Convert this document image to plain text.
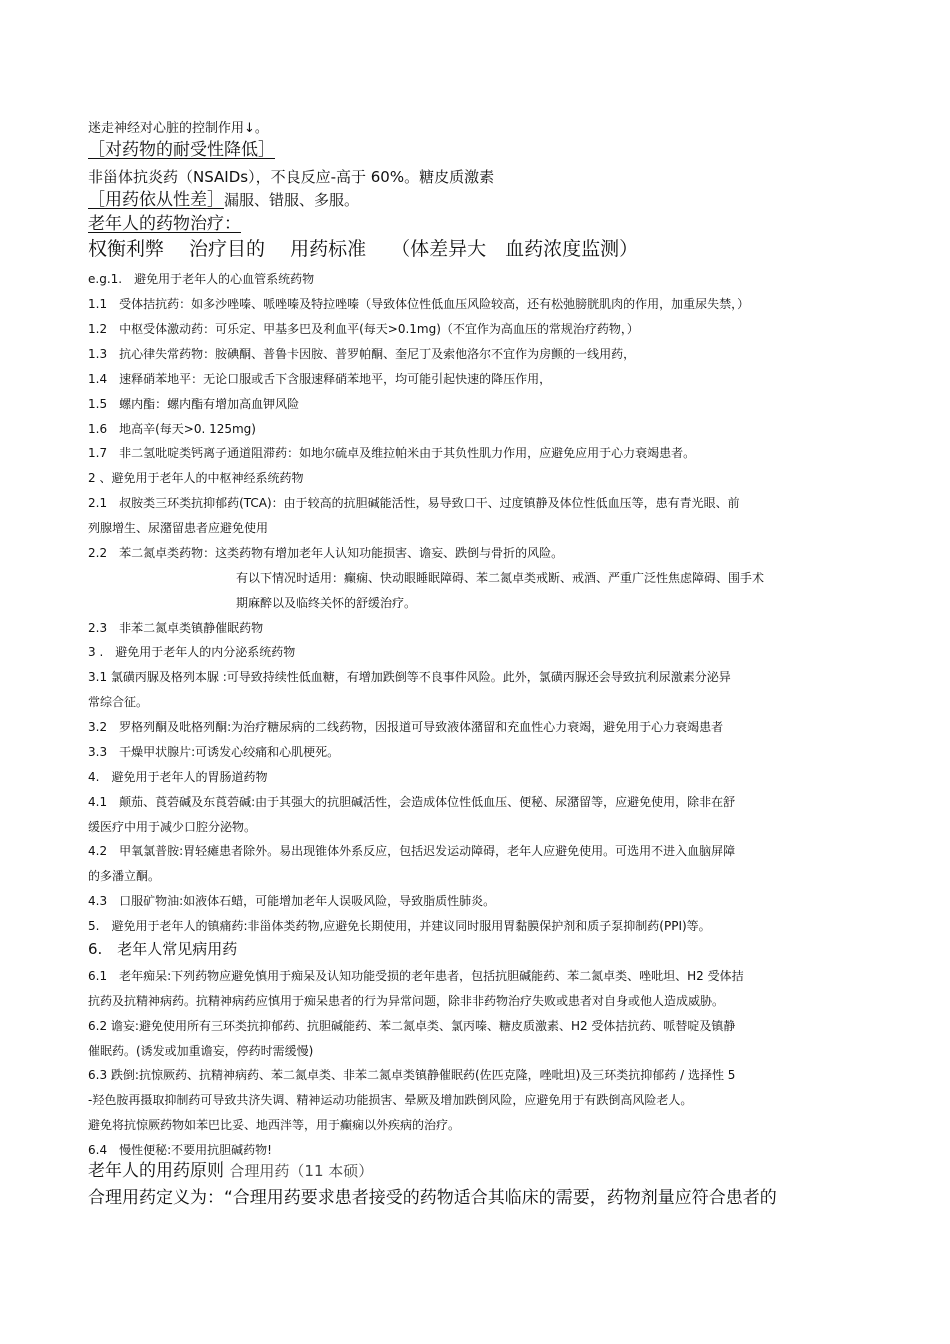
迷走神经对心脏的控制作用↓。
［对药物的耐受性降低］
非甾体抗炎药（NSAIDs），不良反应-高于 60%。糖皮质激素
［用药依从性差］漏服、错服、多服。
老年人的药物治疗：
权衡利弊　 治疗目的　 用药标准　 （体差异大　血药浓度监测）
e.g.1.　避免用于老年人的心血管系统药物
1.1　受体拮抗药：如多沙唑嗪、哌唑嗪及特拉唑嗪（导致体位性低血压风险较高，还有松弛膀胱肌肉的作用，加重尿失禁，）
1.2　中枢受体激动药：可乐定、甲基多巴及利血平(每天>0.1mg)（不宜作为高血压的常规治疗药物，）
1.3　抗心律失常药物：胺碘酮、普鲁卡因胺、普罗帕酮、奎尼丁及索他洛尔不宜作为房颤的一线用药，
1.4　速释硝苯地平：无论口服或舌下含服速释硝苯地平，均可能引起快速的降压作用，
1.5　螺内酯：螺内酯有增加高血钾风险
1.6　地高辛(每天>0. 125mg)
1.7　非二氢吡啶类钙离子通道阻滞药：如地尔硫卓及维拉帕米由于其负性肌力作用，应避免应用于心力衰竭患者。
2 、避免用于老年人的中枢神经系统药物
2.1　叔胺类三环类抗抑郁药(TCA)：由于较高的抗胆碱能活性，易导致口干、过度镇静及体位性低血压等，患有青光眼、前
列腺增生、尿潴留患者应避免使用
2.2　苯二氮卓类药物：这类药物有增加老年人认知功能损害、谵妄、跌倒与骨折的风险。
有以下情况时适用：癫痫、快动眼睡眠障碍、苯二氮卓类戒断、戒酒、严重广泛性焦虑障碍、围手术
期麻醉以及临终关怀的舒缓治疗。
2.3　非苯二氮卓类镇静催眠药物
3 .　避免用于老年人的内分泌系统药物
3.1 氯磺丙脲及格列本脲 :可导致持续性低血糖，有增加跌倒等不良事件风险。此外，氯磺丙脲还会导致抗利尿激素分泌异
常综合征。
3.2　罗格列酮及吡格列酮:为治疗糖尿病的二线药物，因报道可导致液体潴留和充血性心力衰竭，避免用于心力衰竭患者
3.3　干燥甲状腺片:可诱发心绞痛和心肌梗死。
4.　避免用于老年人的胃肠道药物
4.1　颠茄、莨菪碱及东莨菪碱:由于其强大的抗胆碱活性，会造成体位性低血压、便秘、尿潴留等，应避免使用，除非在舒
缓医疗中用于减少口腔分泌物。
4.2　甲氧氯普胺:胃轻瘫患者除外。易出现锥体外系反应，包括迟发运动障碍，老年人应避免使用。可选用不进入血脑屏障
的多潘立酮。
4.3　口服矿物油:如液体石蜡，可能增加老年人误吸风险，导致脂质性肺炎。
5.　避免用于老年人的镇痛药:非甾体类药物,应避免长期使用，并建议同时服用胃黏膜保护剂和质子泵抑制药(PPI)等。
6.　老年人常见病用药
6.1　老年痴呆:下列药物应避免慎用于痴呆及认知功能受损的老年患者，包括抗胆碱能药、苯二氮卓类、唑吡坦、H2 受体拮
抗药及抗精神病药。抗精神病药应慎用于痴呆患者的行为异常问题，除非非药物治疗失败或患者对自身或他人造成威胁。
6.2 谵妄:避免使用所有三环类抗抑郁药、抗胆碱能药、苯二氮卓类、氯丙嗪、糖皮质激素、H2 受体拮抗药、哌替啶及镇静
催眠药。(诱发或加重谵妄，停药时需缓慢)
6.3 跌倒:抗惊厥药、抗精神病药、苯二氮卓类、非苯二氮卓类镇静催眠药(佐匹克隆，唑吡坦)及三环类抗抑郁药 / 选择性 5
-羟色胺再摄取抑制药可导致共济失调、精神运动功能损害、晕厥及增加跌倒风险，应避免用于有跌倒高风险老人。
避免将抗惊厥药物如苯巴比妥、地西泮等，用于癫痫以外疾病的治疗。
6.4　慢性便秘:不要用抗胆碱药物!
老年人的用药原则 合理用药（11 本硕）
合理用药定义为：“合理用药要求患者接受的药物适合其临床的需要，药物剂量应符合患者的
